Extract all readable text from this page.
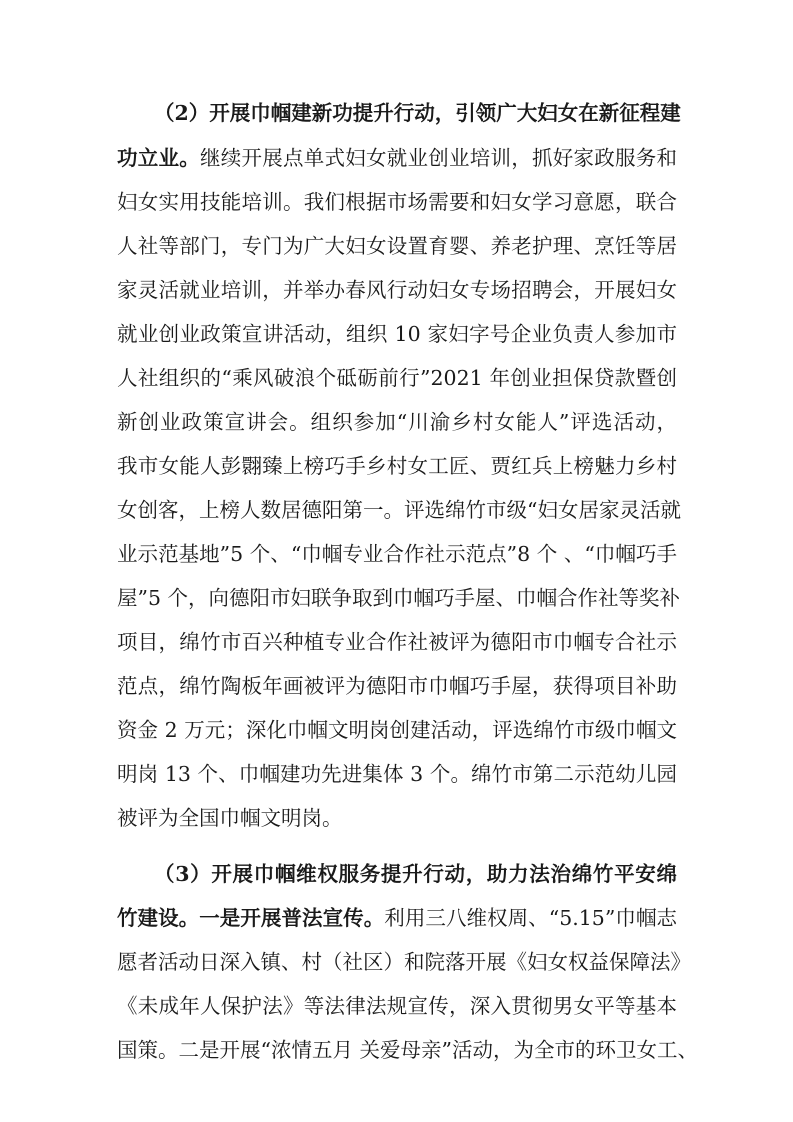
（2）开展巾帼建新功提升行动，引领广大妇女在新征程建
功立业。继续开展点单式妇女就业创业培训，抓好家政服务和
妇女实用技能培训。我们根据市场需要和妇女学习意愿，联合
人社等部门，专门为广大妇女设置育婴、养老护理、烹饪等居
家灵活就业培训，并举办春风行动妇女专场招聘会，开展妇女
就业创业政策宣讲活动，组织 10 家妇字号企业负责人参加市
人社组织的“乘风破浪个砥砺前行”2021 年创业担保贷款暨创
新创业政策宣讲会。组织参加“川渝乡村女能人”评选活动，
我市女能人彭翾臻上榜巧手乡村女工匠、贾红兵上榜魅力乡村
女创客，上榜人数居德阳第一。评选绵竹市级“妇女居家灵活就
业示范基地”5 个、“巾帼专业合作社示范点”8 个 、“巾帼巧手
屋”5 个，向德阳市妇联争取到巾帼巧手屋、巾帼合作社等奖补
项目，绵竹市百兴种植专业合作社被评为德阳市巾帼专合社示
范点，绵竹陶板年画被评为德阳市巾帼巧手屋，获得项目补助
资金 2 万元；深化巾帼文明岗创建活动，评选绵竹市级巾帼文
明岗 13 个、巾帼建功先进集体 3 个。绵竹市第二示范幼儿园
被评为全国巾帼文明岗。
（3）开展巾帼维权服务提升行动，助力法治绵竹平安绵
竹建设。一是开展普法宣传。利用三八维权周、“5.15”巾帼志
愿者活动日深入镇、村（社区）和院落开展《妇女权益保障法》
《未成年人保护法》等法律法规宣传，深入贯彻男女平等基本
国策。二是开展“浓情五月 关爱母亲”活动，为全市的环卫女工、
